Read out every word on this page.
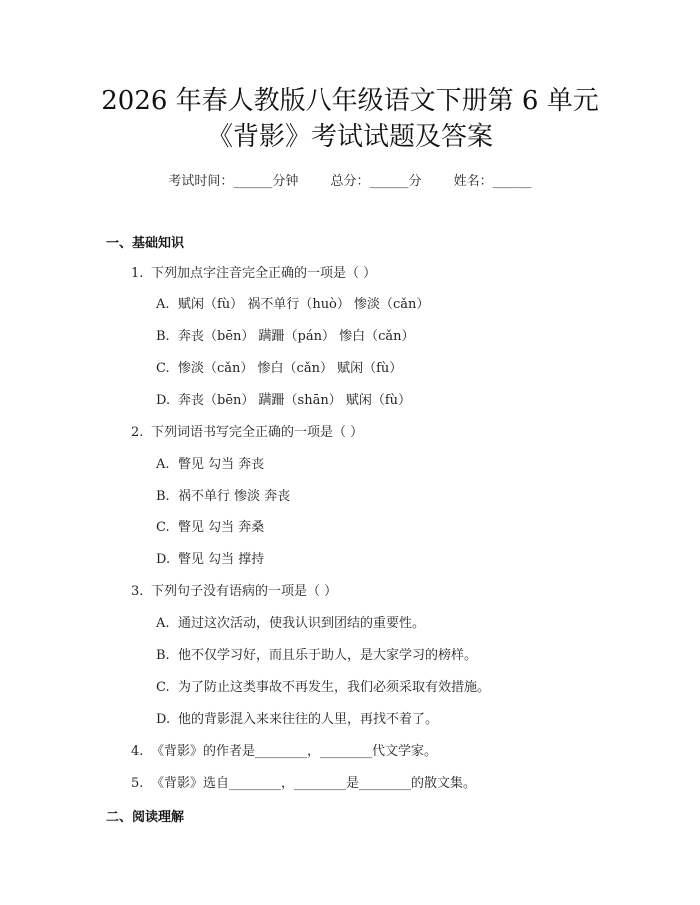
2026 年春人教版八年级语文下册第 6 单元
《背影》考试试题及答案
考试时间：______分钟 总分：______分 姓名：______
一、基础知识
1. 下列加点字注音完全正确的一项是（ ）
A. 赋闲（fù） 祸不单行（huò） 惨淡（cǎn）
B. 奔丧（bēn） 蹒跚（pán） 惨白（cǎn）
C. 惨淡（cǎn） 惨白（cǎn） 赋闲（fù）
D. 奔丧（bēn） 蹒跚（shān） 赋闲（fù）
2. 下列词语书写完全正确的一项是（ ）
A. 瞥见 勾当 奔丧
B. 祸不单行 惨淡 奔丧
C. 瞥见 勾当 奔桑
D. 瞥见 勾当 撑持
3. 下列句子没有语病的一项是（ ）
A. 通过这次活动，使我认识到团结的重要性。
B. 他不仅学习好，而且乐于助人，是大家学习的榜样。
C. 为了防止这类事故不再发生，我们必须采取有效措施。
D. 他的背影混入来来往往的人里，再找不着了。
4. 《背影》的作者是________，________代文学家。
5. 《背影》选自________，________是________的散文集。
二、阅读理解
